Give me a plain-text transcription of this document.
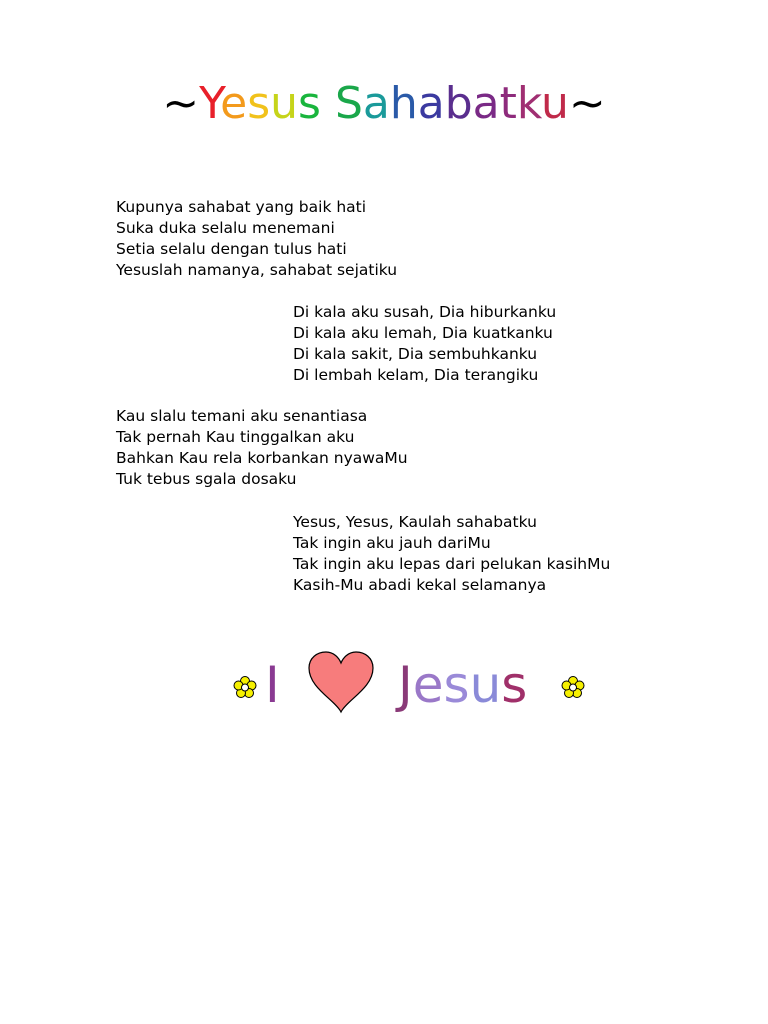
~Yesus Sahabatku~
Kupunya sahabat yang baik hati
Suka duka selalu menemani
Setia selalu dengan tulus hati
Yesuslah namanya, sahabat sejatiku
Di kala aku susah, Dia hiburkanku
Di kala aku lemah, Dia kuatkanku
Di kala sakit, Dia sembuhkanku
Di lembah kelam, Dia terangiku
Kau slalu temani aku senantiasa
Tak pernah Kau tinggalkan aku
Bahkan Kau rela korbankan nyawaMu
Tuk tebus sgala dosaku
Yesus, Yesus, Kaulah sahabatku
Tak ingin aku jauh dariMu
Tak ingin aku lepas dari pelukan kasihMu
Kasih-Mu abadi kekal selamanya
I Jesus
